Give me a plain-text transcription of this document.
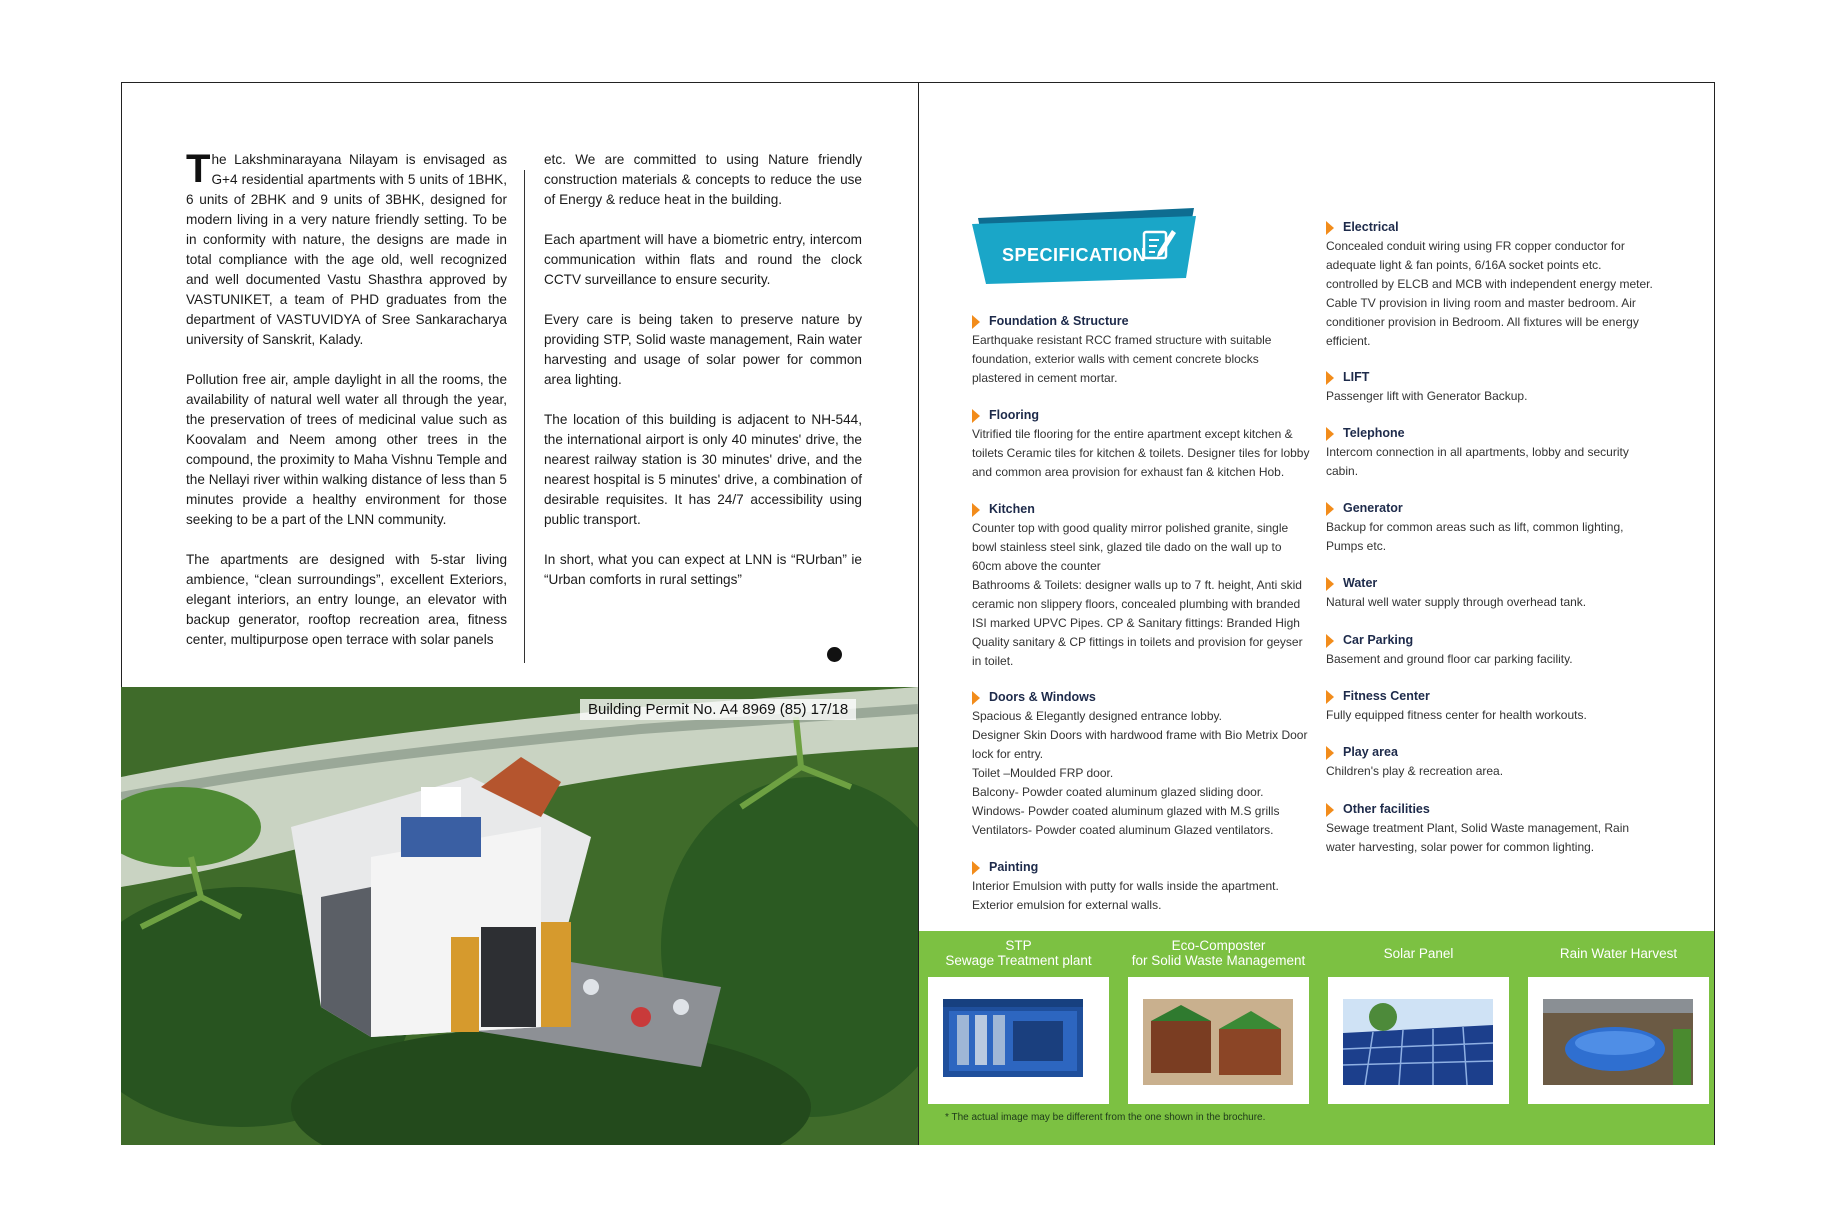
The Lakshminarayana Nilayam is envisaged as G+4 residential apartments with 5 units of 1BHK, 6 units of 2BHK and 9 units of 3BHK, designed for modern living in a very nature friendly setting. To be in conformity with nature, the designs are made in total compliance with the age old, well recognized and well documented Vastu Shasthra approved by VASTUNIKET, a team of PHD graduates from the department of VASTUVIDYA of Sree Sankaracharya university of Sanskrit, Kalady.

Pollution free air, ample daylight in all the rooms, the availability of natural well water all through the year, the preservation of trees of medicinal value such as Koovalam and Neem among other trees in the compound, the proximity to Maha Vishnu Temple and the Nellayi river within walking distance of less than 5 minutes provide a healthy environment for those seeking to be a part of the LNN community.

The apartments are designed with 5-star living ambience, “clean surroundings”, excellent Exteriors, elegant interiors, an entry lounge, an elevator with backup generator, rooftop recreation area, fitness center, multipurpose open terrace with solar panels

etc. We are committed to using Nature friendly construction materials & concepts to reduce the use of Energy & reduce heat in the building.

Each apartment will have a biometric entry, intercom communication within flats and round the clock CCTV surveillance to ensure security.

Every care is being taken to preserve nature by providing STP, Solid waste management, Rain water harvesting and usage of solar power for common area lighting.

The location of this building is adjacent to NH-544, the international airport is only 40 minutes' drive, the nearest railway station is 30 minutes' drive, and the nearest hospital is 5 minutes' drive, a combination of desirable requisites. It has 24/7 accessibility using public transport.

In short, what you can expect at LNN is “RUrban” ie “Urban comforts in rural settings”

Building Permit No. A4 8969 (85) 17/18
SPECIFICATION
Foundation & Structure
Earthquake resistant RCC framed structure with suitable
foundation, exterior walls with cement concrete blocks
plastered in cement mortar.
Flooring
Vitrified tile flooring for the entire apartment except kitchen &
toilets Ceramic tiles for kitchen & toilets. Designer tiles for lobby
and common area provision for exhaust fan & kitchen Hob.
Kitchen
Counter top with good quality mirror polished granite, single
bowl stainless steel sink, glazed tile dado on the wall up to
60cm above the counter
Bathrooms & Toilets: designer walls up to 7 ft. height, Anti skid
ceramic non slippery floors, concealed plumbing with branded
ISI marked UPVC Pipes. CP & Sanitary fittings: Branded High
Quality sanitary & CP fittings in toilets and provision for geyser
in toilet.
Doors & Windows
Spacious & Elegantly designed entrance lobby.
Designer Skin Doors with hardwood frame with Bio Metrix Door
lock for entry.
Toilet –Moulded FRP door.
Balcony- Powder coated aluminum glazed sliding door.
Windows- Powder coated aluminum glazed with M.S grills
Ventilators- Powder coated aluminum Glazed ventilators.
Painting
Interior Emulsion with putty for walls inside the apartment.
Exterior emulsion for external walls.
Electrical
Concealed conduit wiring using FR copper conductor for
adequate light & fan points, 6/16A socket points etc.
controlled by ELCB and MCB with independent energy meter.
Cable TV provision in living room and master bedroom. Air
conditioner provision in Bedroom. All fixtures will be energy
efficient.
LIFT
Passenger lift with Generator Backup.
Telephone
Intercom connection in all apartments, lobby and security
cabin.
Generator
Backup for common areas such as lift, common lighting,
Pumps etc.
Water
Natural well water supply through overhead tank.
Car Parking
Basement and ground floor car parking facility.
Fitness Center
Fully equipped fitness center for health workouts.
Play area
Children's play & recreation area.
Other facilities
Sewage treatment Plant, Solid Waste management, Rain
water harvesting, solar power for common lighting.
STP
Sewage Treatment plant
Eco-Composter
for Solid Waste Management	Solar Panel	Rain Water Harvest
* The actual image may be different from the one shown in the brochure.
